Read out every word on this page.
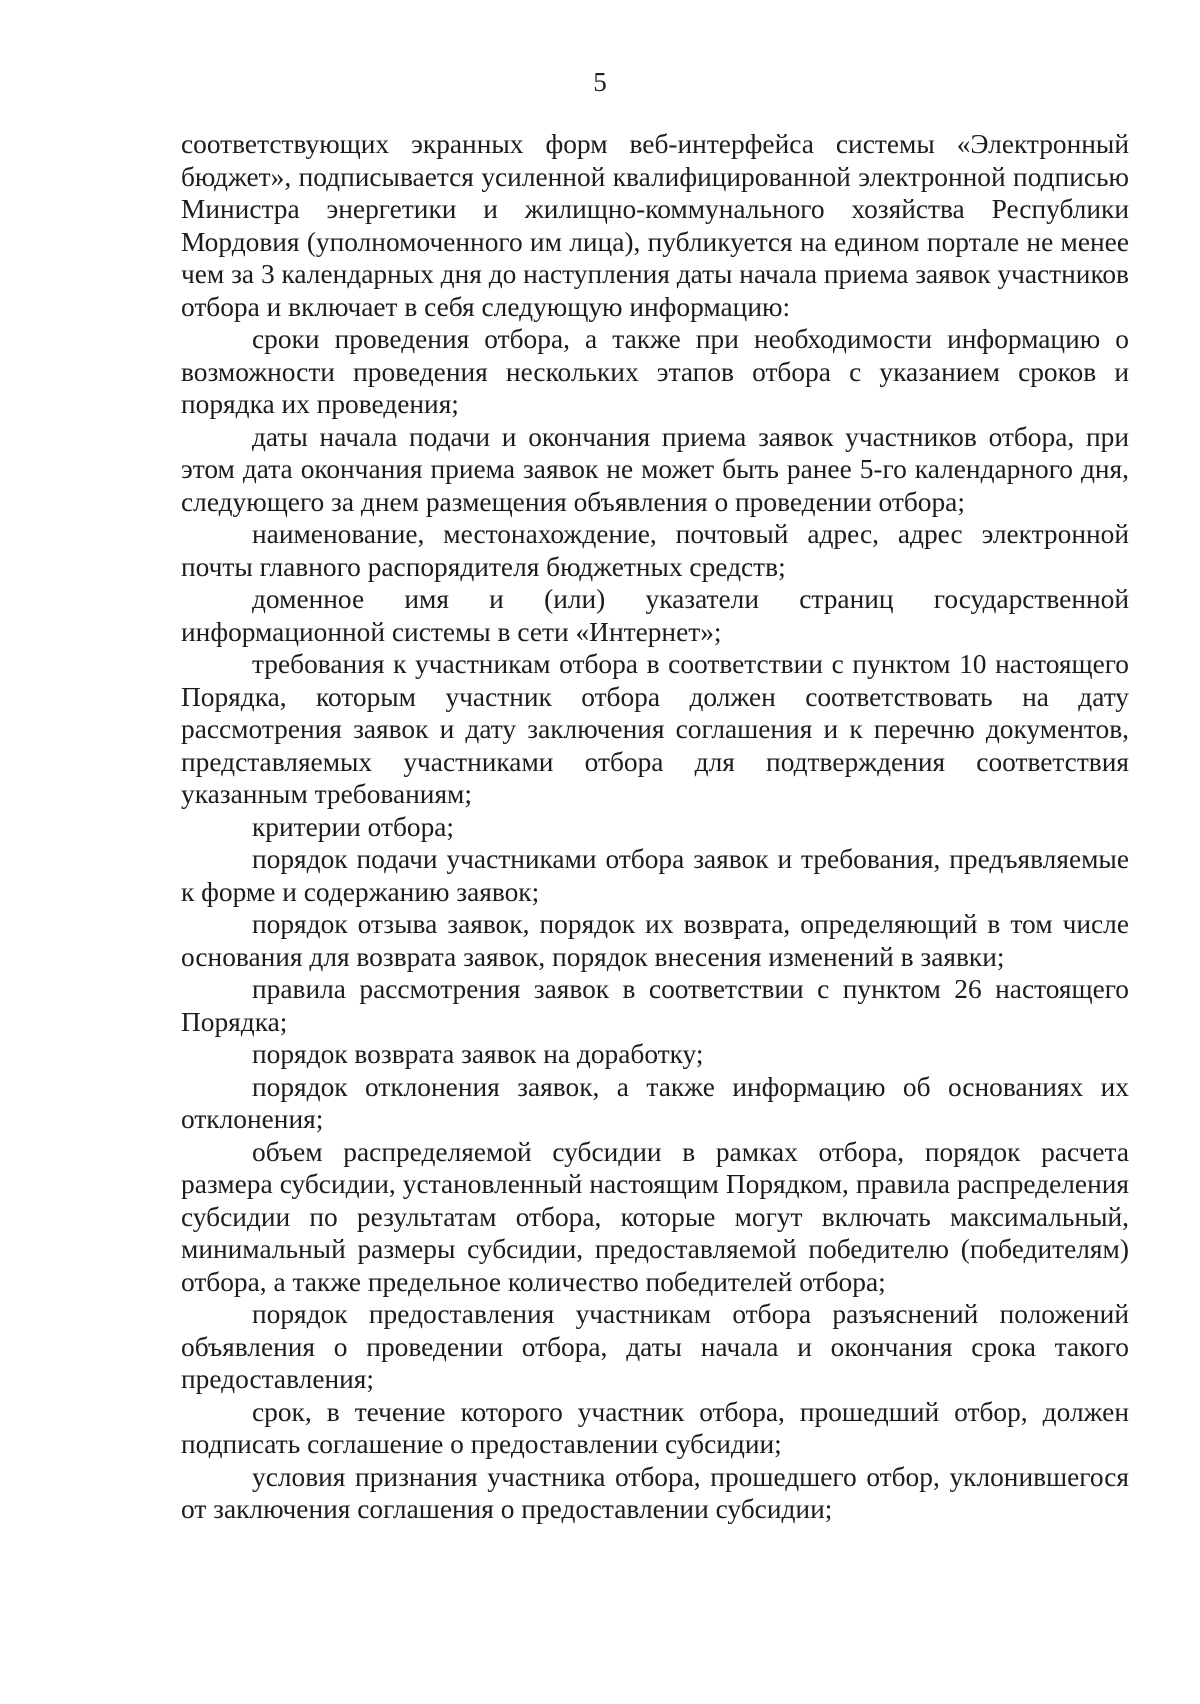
5

соответствующих экранных форм веб-интерфейса системы «Электронный бюджет», подписывается усиленной квалифицированной электронной подписью Министра энергетики и жилищно-коммунального хозяйства Республики Мордовия (уполномоченного им лица), публикуется на едином портале не менее чем за 3 календарных дня до наступления даты начала приема заявок участников отбора и включает в себя следующую информацию:

сроки проведения отбора, а также при необходимости информацию о возможности проведения нескольких этапов отбора с указанием сроков и порядка их проведения;

даты начала подачи и окончания приема заявок участников отбора, при этом дата окончания приема заявок не может быть ранее 5-го календарного дня, следующего за днем размещения объявления о проведении отбора;

наименование, местонахождение, почтовый адрес, адрес электронной почты главного распорядителя бюджетных средств;

доменное имя и (или) указатели страниц государственной информационной системы в сети «Интернет»;

требования к участникам отбора в соответствии с пунктом 10 настоящего Порядка, которым участник отбора должен соответствовать на дату рассмотрения заявок и дату заключения соглашения и к перечню документов, представляемых участниками отбора для подтверждения соответствия указанным требованиям;

критерии отбора;

порядок подачи участниками отбора заявок и требования, предъявляемые к форме и содержанию заявок;

порядок отзыва заявок, порядок их возврата, определяющий в том числе основания для возврата заявок, порядок внесения изменений в заявки;

правила рассмотрения заявок в соответствии с пунктом 26 настоящего Порядка;

порядок возврата заявок на доработку;

порядок отклонения заявок, а также информацию об основаниях их отклонения;

объем распределяемой субсидии в рамках отбора, порядок расчета размера субсидии, установленный настоящим Порядком, правила распределения субсидии по результатам отбора, которые могут включать максимальный, минимальный размеры субсидии, предоставляемой победителю (победителям) отбора, а также предельное количество победителей отбора;

порядок предоставления участникам отбора разъяснений положений объявления о проведении отбора, даты начала и окончания срока такого предоставления;

срок, в течение которого участник отбора, прошедший отбор, должен подписать соглашение о предоставлении субсидии;

условия признания участника отбора, прошедшего отбор, уклонившегося от заключения соглашения о предоставлении субсидии;
